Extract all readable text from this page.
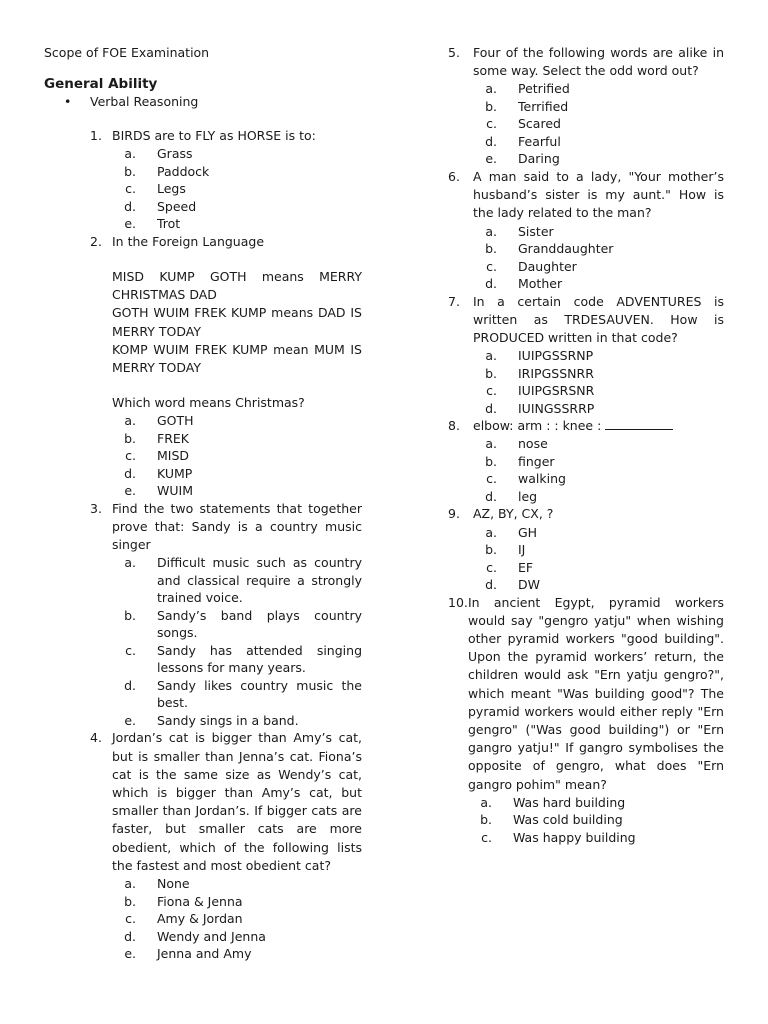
Scope of FOE Examination
General Ability
•	Verbal Reasoning
1. BIRDS are to FLY as HORSE is to:
a.	Grass
b.	Paddock
c.	Legs
d.	Speed
e.	Trot
2. In the Foreign Language
MISD KUMP GOTH means MERRY CHRISTMAS DAD
GOTH WUIM FREK KUMP means DAD IS MERRY TODAY
KOMP WUIM FREK KUMP mean MUM IS MERRY TODAY
Which word means Christmas?
a.	GOTH
b.	FREK
c.	MISD
d.	KUMP
e.	WUIM
3. Find the two statements that together prove that: Sandy is a country music singer
a.	Difficult music such as country and classical require a strongly trained voice.
b.	Sandy’s band plays country songs.
c.	Sandy has attended singing lessons for many years.
d.	Sandy likes country music the best.
e.	Sandy sings in a band.
4. Jordan’s cat is bigger than Amy’s cat, but is smaller than Jenna’s cat. Fiona’s cat is the same size as Wendy’s cat, which is bigger than Amy’s cat, but smaller than Jordan’s. If bigger cats are faster, but smaller cats are more obedient, which of the following lists the fastest and most obedient cat?
a.	None
b.	Fiona & Jenna
c.	Amy & Jordan
d.	Wendy and Jenna
e.	Jenna and Amy
5.	Four of the following words are alike in some way. Select the odd word out?
a.	Petrified
b.	Terrified
c.	Scared
d.	Fearful
e.	Daring
6.	A man said to a lady, "Your mother’s husband’s sister is my aunt." How is the lady related to the man?
a.	Sister
b.	Granddaughter
c.	Daughter
d.	Mother
7.	In a certain code ADVENTURES is written as TRDESAUVEN. How is PRODUCED written in that code?
a.	IUIPGSSRNP
b.	IRIPGSSNRR
c.	IUIPGSRSNR
d.	IUINGSSRRP
8.	elbow: arm : : knee :
a.	nose
b.	finger
c.	walking
d.	leg
9.	AZ, BY, CX, ?
a.	GH
b.	IJ
c.	EF
d.	DW
10. In ancient Egypt, pyramid workers would say "gengro yatju" when wishing other pyramid workers "good building". Upon the pyramid workers’ return, the children would ask "Ern yatju gengro?", which meant "Was building good"? The pyramid workers would either reply "Ern gengro" ("Was good building") or "Ern gangro yatju!" If gangro symbolises the opposite of gengro, what does "Ern gangro pohim" mean?
a.	Was hard building
b.	Was cold building
c.	Was happy building
